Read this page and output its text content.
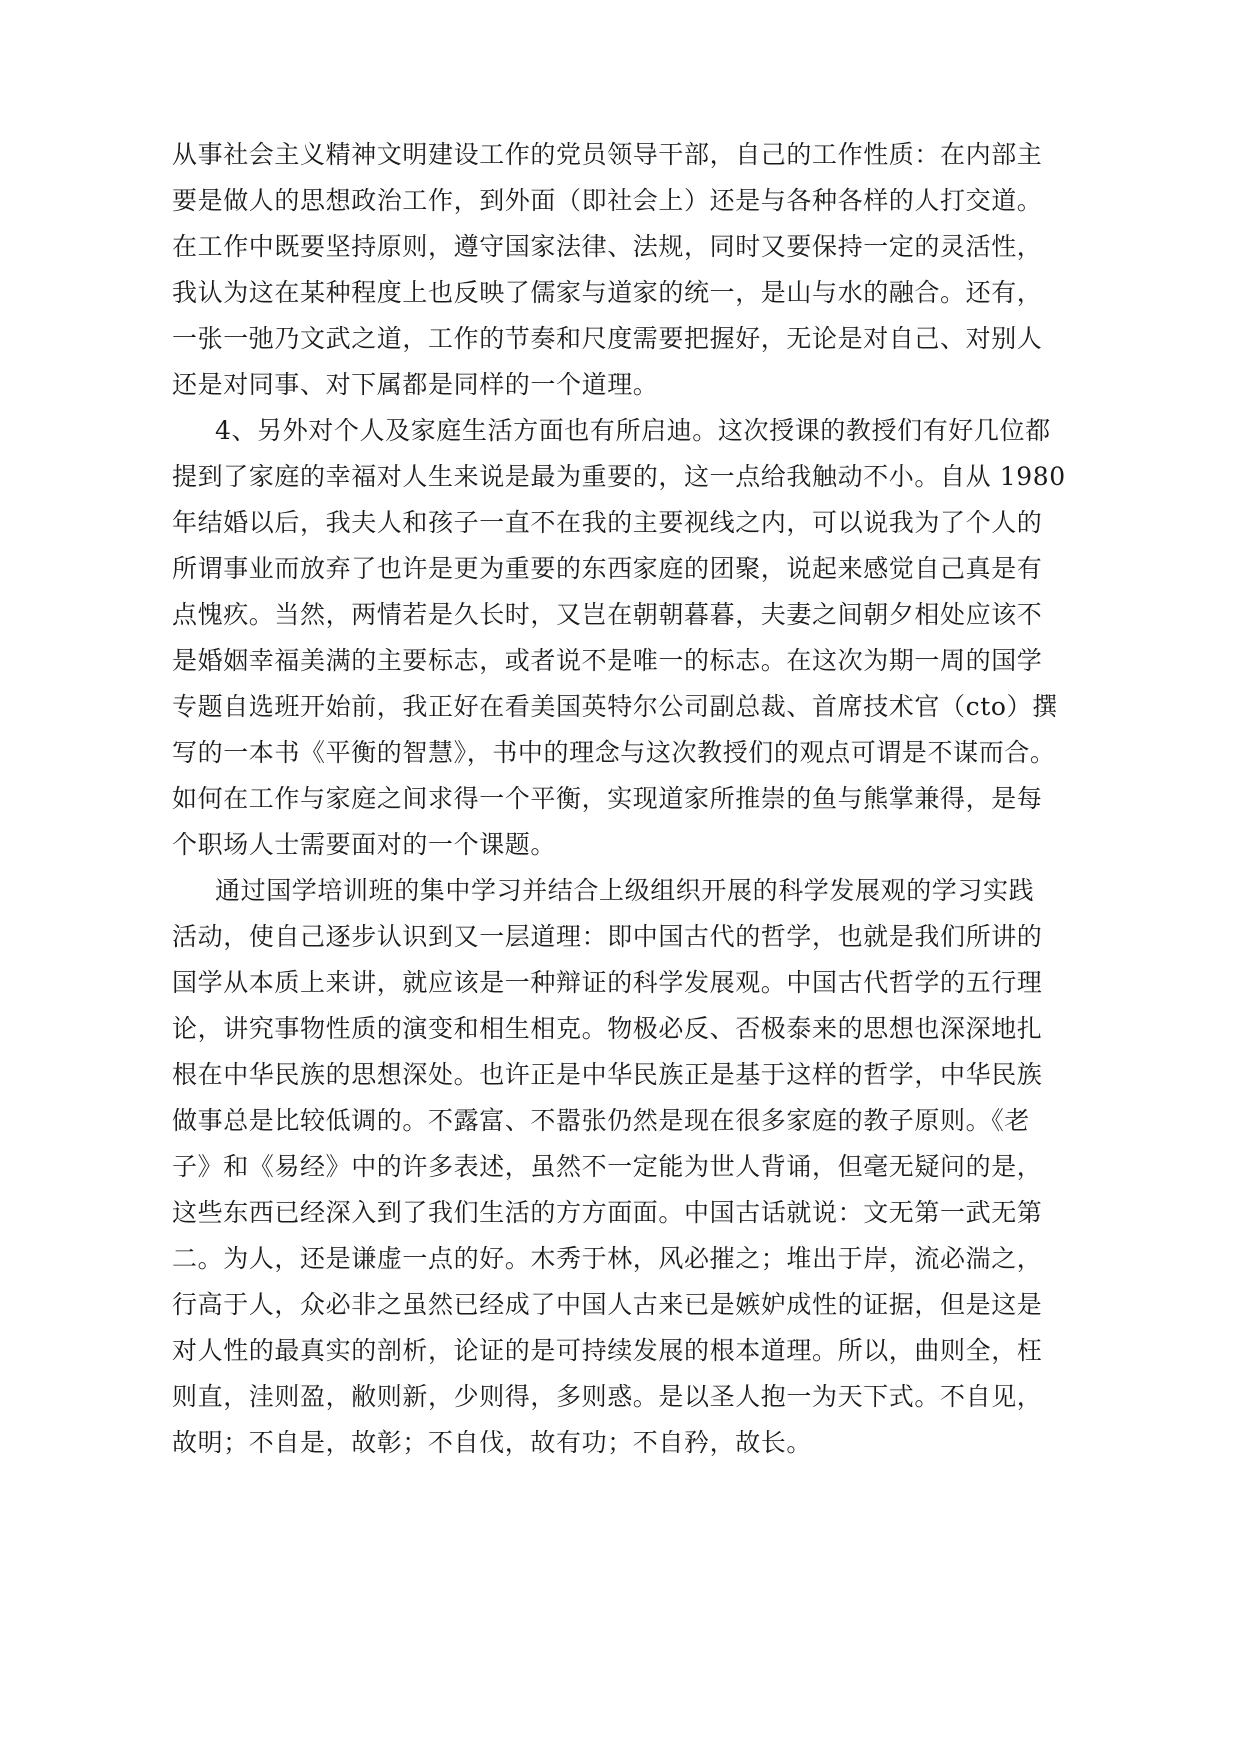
从事社会主义精神文明建设工作的党员领导干部，自己的工作性质：在内部主
要是做人的思想政治工作，到外面（即社会上）还是与各种各样的人打交道。
在工作中既要坚持原则，遵守国家法律、法规，同时又要保持一定的灵活性，
我认为这在某种程度上也反映了儒家与道家的统一，是山与水的融合。还有，
一张一弛乃文武之道，工作的节奏和尺度需要把握好，无论是对自己、对别人
还是对同事、对下属都是同样的一个道理。
4、另外对个人及家庭生活方面也有所启迪。这次授课的教授们有好几位都
提到了家庭的幸福对人生来说是最为重要的，这一点给我触动不小。自从 1980
年结婚以后，我夫人和孩子一直不在我的主要视线之内，可以说我为了个人的
所谓事业而放弃了也许是更为重要的东西家庭的团聚，说起来感觉自己真是有
点愧疚。当然，两情若是久长时，又岂在朝朝暮暮，夫妻之间朝夕相处应该不
是婚姻幸福美满的主要标志，或者说不是唯一的标志。在这次为期一周的国学
专题自选班开始前，我正好在看美国英特尔公司副总裁、首席技术官（cto）撰
写的一本书《平衡的智慧》，书中的理念与这次教授们的观点可谓是不谋而合。
如何在工作与家庭之间求得一个平衡，实现道家所推崇的鱼与熊掌兼得，是每
个职场人士需要面对的一个课题。
通过国学培训班的集中学习并结合上级组织开展的科学发展观的学习实践
活动，使自己逐步认识到又一层道理：即中国古代的哲学，也就是我们所讲的
国学从本质上来讲，就应该是一种辩证的科学发展观。中国古代哲学的五行理
论，讲究事物性质的演变和相生相克。物极必反、否极泰来的思想也深深地扎
根在中华民族的思想深处。也许正是中华民族正是基于这样的哲学，中华民族
做事总是比较低调的。不露富、不嚣张仍然是现在很多家庭的教子原则。《老
子》和《易经》中的许多表述，虽然不一定能为世人背诵，但毫无疑问的是，
这些东西已经深入到了我们生活的方方面面。中国古话就说：文无第一武无第
二。为人，还是谦虚一点的好。木秀于林，风必摧之；堆出于岸，流必湍之，
行高于人，众必非之虽然已经成了中国人古来已是嫉妒成性的证据，但是这是
对人性的最真实的剖析，论证的是可持续发展的根本道理。所以，曲则全，枉
则直，洼则盈，敝则新，少则得，多则惑。是以圣人抱一为天下式。不自见，
故明；不自是，故彰；不自伐，故有功；不自矜，故长。
